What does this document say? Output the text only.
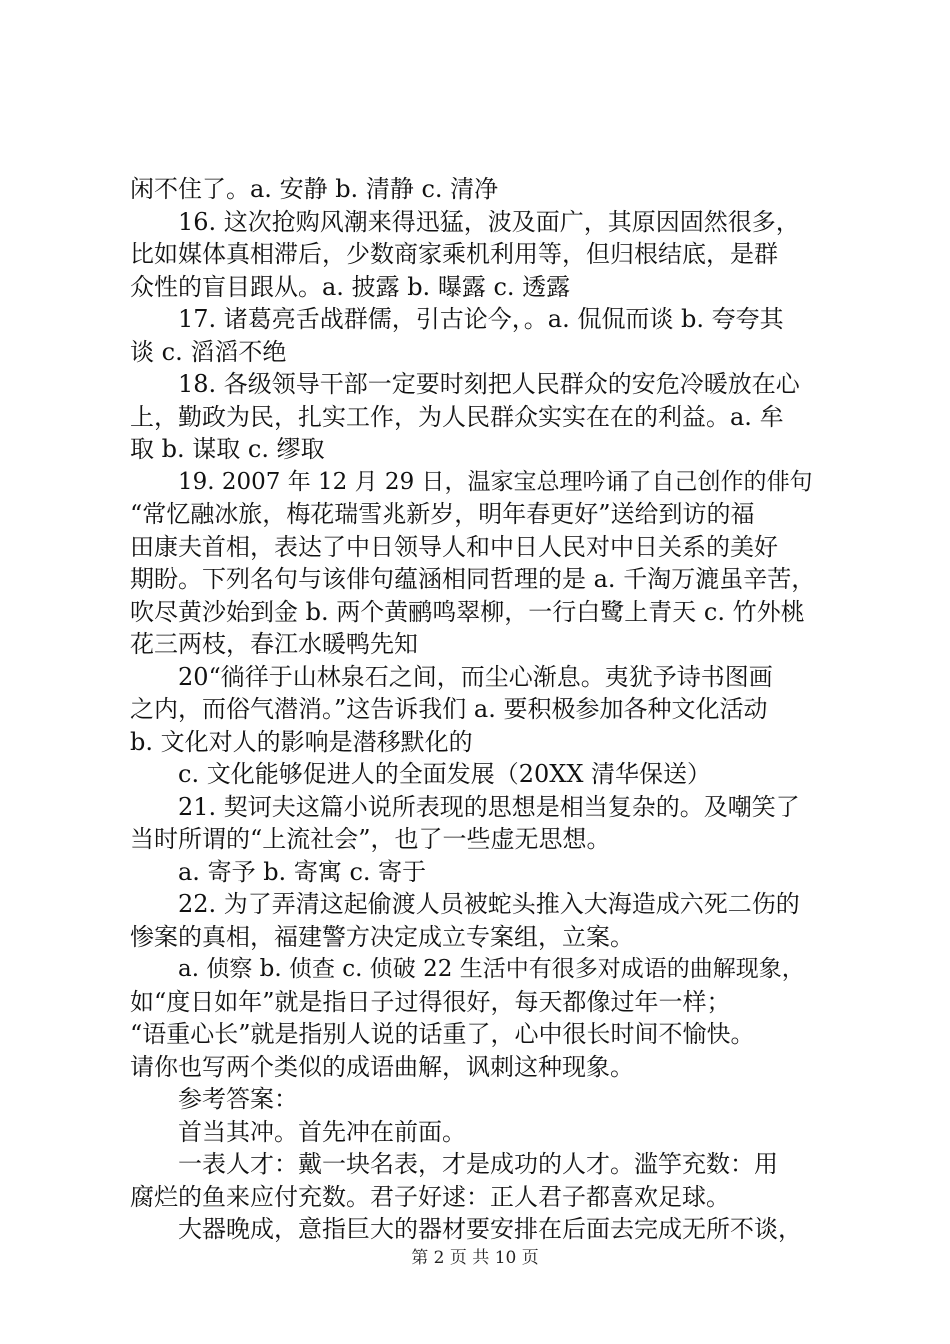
闲不住了。a. 安静 b. 清静 c. 清净
16. 这次抢购风潮来得迅猛，波及面广，其原因固然很多，
比如媒体真相滞后，少数商家乘机利用等，但归根结底，是群
众性的盲目跟从。a. 披露 b. 曝露 c. 透露
17. 诸葛亮舌战群儒，引古论今，。a. 侃侃而谈 b. 夸夸其
谈 c. 滔滔不绝
18. 各级领导干部一定要时刻把人民群众的安危冷暖放在心
上，勤政为民，扎实工作，为人民群众实实在在的利益。a. 牟
取 b. 谋取 c. 缪取
19. 2007 年 12 月 29 日，温家宝总理吟诵了自己创作的俳句
“常忆融冰旅，梅花瑞雪兆新岁，明年春更好”送给到访的福
田康夫首相，表达了中日领导人和中日人民对中日关系的美好
期盼。下列名句与该俳句蕴涵相同哲理的是 a. 千淘万漉虽辛苦，
吹尽黄沙始到金 b. 两个黄鹂鸣翠柳，一行白鹭上青天 c. 竹外桃
花三两枝，春江水暖鸭先知
20“徜徉于山林泉石之间，而尘心渐息。夷犹予诗书图画
之内，而俗气潜消。”这告诉我们 a. 要积极参加各种文化活动
b. 文化对人的影响是潜移默化的
c. 文化能够促进人的全面发展（20XX 清华保送）
21. 契诃夫这篇小说所表现的思想是相当复杂的。及嘲笑了
当时所谓的“上流社会”，也了一些虚无思想。
a. 寄予 b. 寄寓 c. 寄于
22. 为了弄清这起偷渡人员被蛇头推入大海造成六死二伤的
惨案的真相，福建警方决定成立专案组，立案。
a. 侦察 b. 侦查 c. 侦破 22 生活中有很多对成语的曲解现象，
如“度日如年”就是指日子过得很好，每天都像过年一样；
“语重心长”就是指别人说的话重了，心中很长时间不愉快。
请你也写两个类似的成语曲解，讽刺这种现象。
参考答案：
首当其冲。首先冲在前面。
一表人才：戴一块名表，才是成功的人才。滥竽充数：用
腐烂的鱼来应付充数。君子好逑：正人君子都喜欢足球。
大器晚成，意指巨大的器材要安排在后面去完成无所不谈，
第 2 页 共 10 页
